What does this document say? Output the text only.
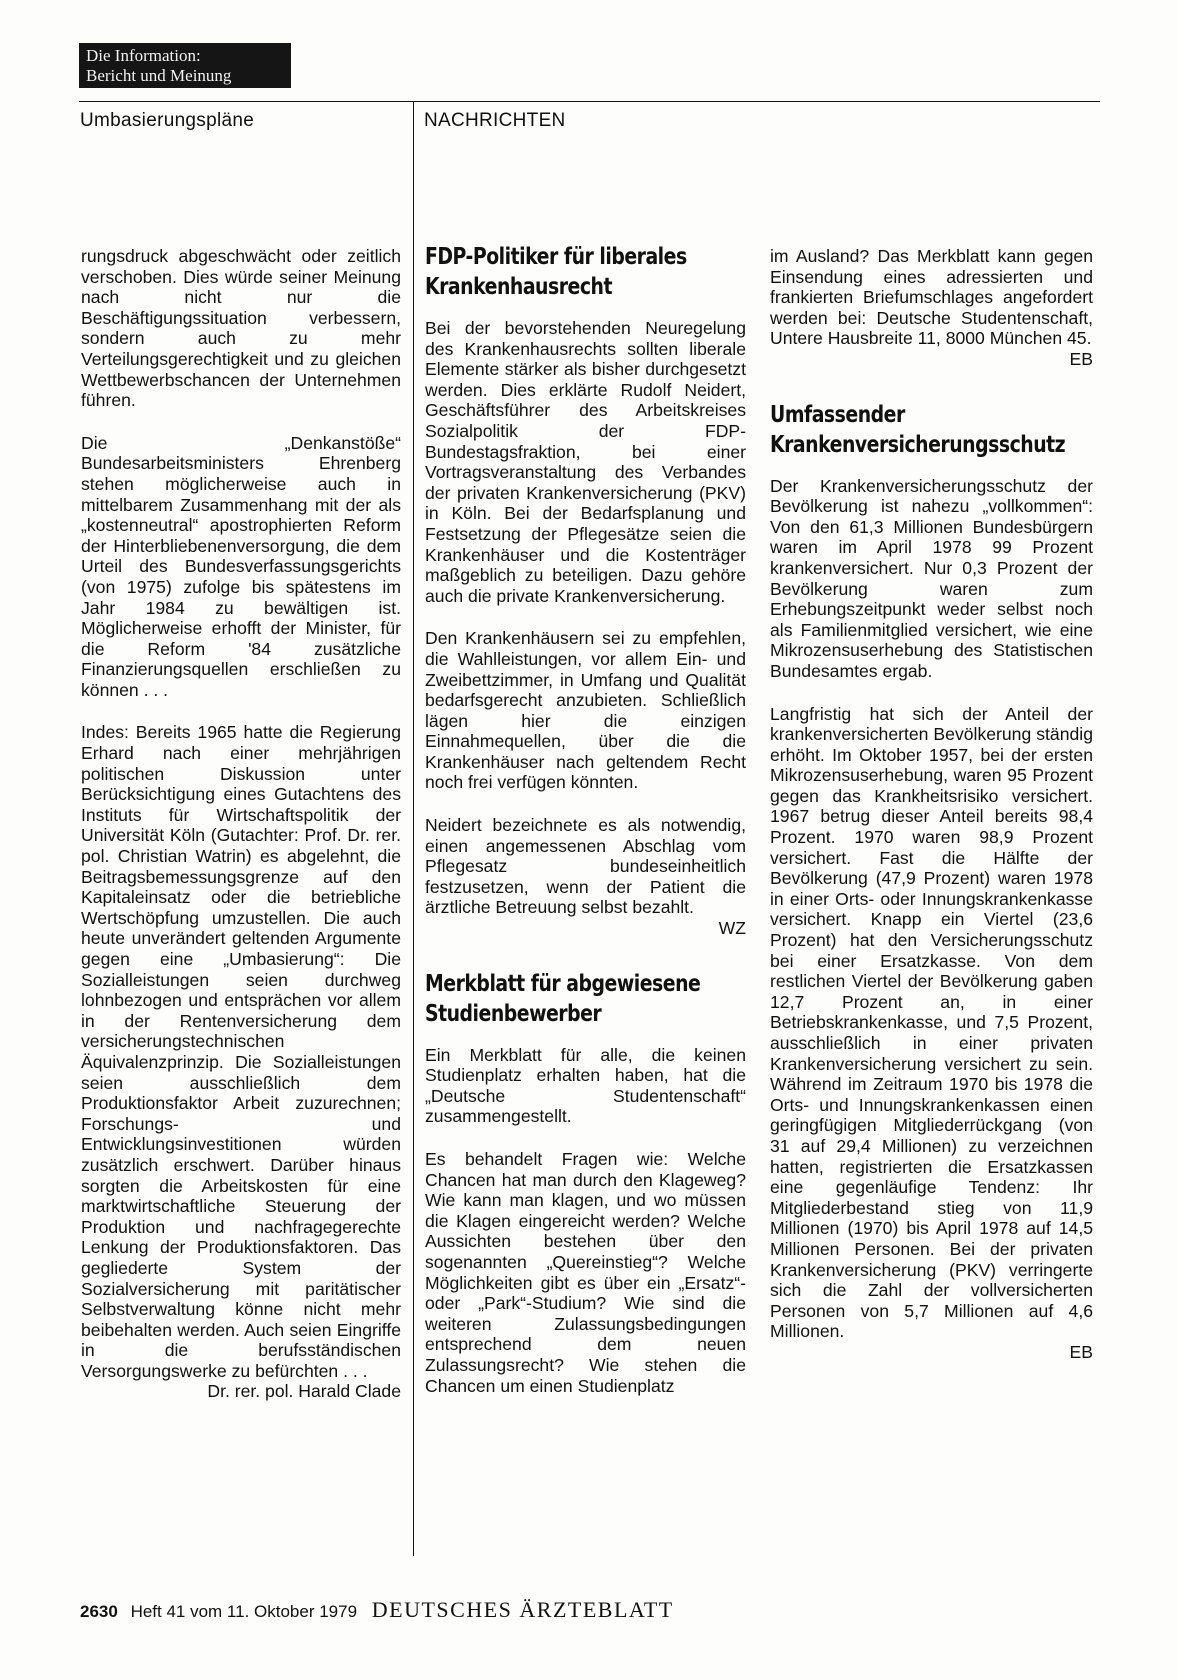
Die Information:
Bericht und Meinung
Umbasierungspläne	NACHRICHTEN

rungsdruck abgeschwächt oder zeitlich verschoben. Dies würde seiner Meinung nach nicht nur die Beschäftigungssituation verbessern, sondern auch zu mehr Verteilungsgerechtigkeit und zu gleichen Wettbewerbschancen der Unternehmen führen.

Die „Denkanstöße“ Bundesarbeitsministers Ehrenberg stehen möglicherweise auch in mittelbarem Zusammenhang mit der als „kostenneutral“ apostrophierten Reform der Hinterbliebenenversorgung, die dem Urteil des Bundesverfassungsgerichts (von 1975) zufolge bis spätestens im Jahr 1984 zu bewältigen ist. Möglicherweise erhofft der Minister, für die Reform '84 zusätzliche Finanzierungsquellen erschließen zu können . . .

Indes: Bereits 1965 hatte die Regierung Erhard nach einer mehrjährigen politischen Diskussion unter Berücksichtigung eines Gutachtens des Instituts für Wirtschaftspolitik der Universität Köln (Gutachter: Prof. Dr. rer. pol. Christian Watrin) es abgelehnt, die Beitragsbemessungsgrenze auf den Kapitaleinsatz oder die betriebliche Wertschöpfung umzustellen. Die auch heute unverändert geltenden Argumente gegen eine „Umbasierung“: Die Sozialleistungen seien durchweg lohnbezogen und entsprächen vor allem in der Rentenversicherung dem versicherungstechnischen Äquivalenzprinzip. Die Sozialleistungen seien ausschließlich dem Produktionsfaktor Arbeit zuzurechnen; Forschungs- und Entwicklungsinvestitionen würden zusätzlich erschwert. Darüber hinaus sorgten die Arbeitskosten für eine marktwirtschaftliche Steuerung der Produktion und nachfragegerechte Lenkung der Produktionsfaktoren. Das gegliederte System der Sozialversicherung mit paritätischer Selbstverwaltung könne nicht mehr beibehalten werden. Auch seien Eingriffe in die berufsständischen Versorgungswerke zu befürchten . . .

Dr. rer. pol. Harald Clade

FDP-Politiker für liberales Krankenhausrecht

Bei der bevorstehenden Neuregelung des Krankenhausrechts sollten liberale Elemente stärker als bisher durchgesetzt werden. Dies erklärte Rudolf Neidert, Geschäftsführer des Arbeitskreises Sozialpolitik der FDP-Bundestagsfraktion, bei einer Vortragsveranstaltung des Verbandes der privaten Krankenversicherung (PKV) in Köln. Bei der Bedarfsplanung und Festsetzung der Pflegesätze seien die Krankenhäuser und die Kostenträger maßgeblich zu beteiligen. Dazu gehöre auch die private Krankenversicherung.

Den Krankenhäusern sei zu empfehlen, die Wahlleistungen, vor allem Ein- und Zweibettzimmer, in Umfang und Qualität bedarfsgerecht anzubieten. Schließlich lägen hier die einzigen Einnahmequellen, über die die Krankenhäuser nach geltendem Recht noch frei verfügen könnten.

Neidert bezeichnete es als notwendig, einen angemessenen Abschlag vom Pflegesatz bundeseinheitlich festzusetzen, wenn der Patient die ärztliche Betreuung selbst bezahlt.

WZ

Merkblatt für abgewiesene Studienbewerber

Ein Merkblatt für alle, die keinen Studienplatz erhalten haben, hat die „Deutsche Studentenschaft“ zusammengestellt.

Es behandelt Fragen wie: Welche Chancen hat man durch den Klageweg? Wie kann man klagen, und wo müssen die Klagen eingereicht werden? Welche Aussichten bestehen über den sogenannten „Quereinstieg“? Welche Möglichkeiten gibt es über ein „Ersatz“- oder „Park“-Studium? Wie sind die weiteren Zulassungsbedingungen entsprechend dem neuen Zulassungsrecht? Wie stehen die Chancen um einen Studienplatz

im Ausland? Das Merkblatt kann gegen Einsendung eines adressierten und frankierten Briefumschlages angefordert werden bei: Deutsche Studentenschaft, Untere Hausbreite 11, 8000 München 45.

EB

Umfassender Krankenversicherungsschutz

Der Krankenversicherungsschutz der Bevölkerung ist nahezu „vollkommen“: Von den 61,3 Millionen Bundesbürgern waren im April 1978 99 Prozent krankenversichert. Nur 0,3 Prozent der Bevölkerung waren zum Erhebungszeitpunkt weder selbst noch als Familienmitglied versichert, wie eine Mikrozensuserhebung des Statistischen Bundesamtes ergab.

Langfristig hat sich der Anteil der krankenversicherten Bevölkerung ständig erhöht. Im Oktober 1957, bei der ersten Mikrozensuserhebung, waren 95 Prozent gegen das Krankheitsrisiko versichert. 1967 betrug dieser Anteil bereits 98,4 Prozent. 1970 waren 98,9 Prozent versichert. Fast die Hälfte der Bevölkerung (47,9 Prozent) waren 1978 in einer Orts- oder Innungskrankenkasse versichert. Knapp ein Viertel (23,6 Prozent) hat den Versicherungsschutz bei einer Ersatzkasse. Von dem restlichen Viertel der Bevölkerung gaben 12,7 Prozent an, in einer Betriebskrankenkasse, und 7,5 Prozent, ausschließlich in einer privaten Krankenversicherung versichert zu sein. Während im Zeitraum 1970 bis 1978 die Orts- und Innungskrankenkassen einen geringfügigen Mitgliederrückgang (von 31 auf 29,4 Millionen) zu verzeichnen hatten, registrierten die Ersatzkassen eine gegenläufige Tendenz: Ihr Mitgliederbestand stieg von 11,9 Millionen (1970) bis April 1978 auf 14,5 Millionen Personen. Bei der privaten Krankenversicherung (PKV) verringerte sich die Zahl der vollversicherten Personen von 5,7 Millionen auf 4,6 Millionen.

EB

2630 Heft 41 vom 11. Oktober 1979 DEUTSCHES ÄRZTEBLATT
